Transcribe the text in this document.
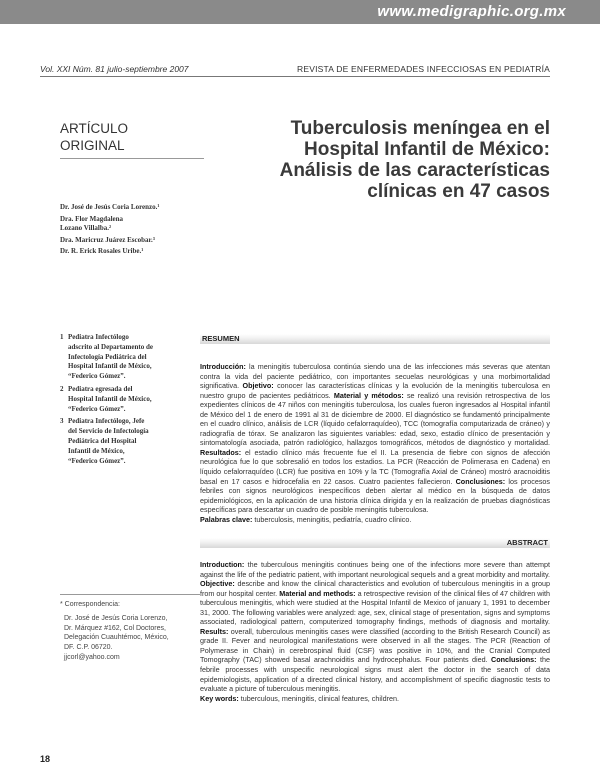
www.medigraphic.org.mx
Vol. XXI Núm. 81 julio-septiembre 2007	REVISTA DE ENFERMEDADES INFECCIOSAS EN PEDIATRÍA
ARTÍCULO
ORIGINAL
Dr. José de Jesús Coria Lorenzo.¹
Dra. Flor Magdalena
Lozano Villalba.²
Dra. Maricruz Juárez Escobar.³
Dr. R. Erick Rosales Uribe.¹
1 Pediatra Infectólogo
adscrito al Departamento de
Infectología Pediátrica del
Hospital Infantil de México,
“Federico Gómez”.
2 Pediatra egresada del
Hospital Infantil de México,
“Federico Gómez”.
3 Pediatra Infectólogo, Jefe
del Servicio de Infectología
Pediátrica del Hospital
Infantil de México,
“Federico Gómez”.
* Correspondencia:
Dr. José de Jesús Coria Lorenzo,
Dr. Márquez #162, Col Doctores,
Delegación Cuauhtémoc, México,
DF. C.P. 06720.
jjcorl@yahoo.com
Tuberculosis meníngea en el
Hospital Infantil de México:
Análisis de las características
clínicas en 47 casos
RESUMEN
Introducción: la meningitis tuberculosa continúa siendo una de las infecciones más severas que atentan contra la vida del paciente pediátrico, con importantes secuelas neurológicas y una morbimortalidad significativa. Objetivo: conocer las características clínicas y la evolución de la meningitis tuberculosa en nuestro grupo de pacientes pediátricos. Material y métodos: se realizó una revisión retrospectiva de los expedientes clínicos de 47 niños con meningitis tuberculosa, los cuales fueron ingresados al Hospital infantil de México del 1 de enero de 1991 al 31 de diciembre de 2000. El diagnóstico se fundamentó principalmente en el cuadro clínico, análisis de LCR (líquido cefalorraquídeo), TCC (tomografía computarizada de cráneo) y radiografía de tórax. Se analizaron las siguientes variables: edad, sexo, estadio clínico de presentación y sintomatología asociada, patrón radiológico, hallazgos tomográficos, métodos de diagnóstico y mortalidad. Resultados: el estadio clínico más frecuente fue el II. La presencia de fiebre con signos de afección neurológica fue lo que sobresalió en todos los estadios. La PCR (Reacción de Polimerasa en Cadena) en líquido cefalorraquídeo (LCR) fue positiva en 10% y la TC (Tomografía Axial de Cráneo) mostró aracnoiditis basal en 17 casos e hidrocefalia en 22 casos. Cuatro pacientes fallecieron. Conclusiones: los procesos febriles con signos neurológicos inespecíficos deben alertar al médico en la búsqueda de datos epidemiológicos, en la aplicación de una historia clínica dirigida y en la realización de pruebas diagnósticas específicas para descartar un cuadro de posible meningitis tuberculosa.
Palabras clave: tuberculosis, meningitis, pediatría, cuadro clínico.
ABSTRACT
Introduction: the tuberculous meningitis continues being one of the infections more severe than attempt against the life of the pediatric patient, with important neurological sequels and a great morbidity and mortality. Objective: describe and know the clinical characteristics and evolution of tuberculous meningitis in a group from our hospital center. Material and methods: a retrospective revision of the clinical files of 47 children with tuberculous meningitis, which were studied at the Hospital Infantil de Mexico of january 1, 1991 to december 31, 2000. The following variables were analyzed: age, sex, clinical stage of presentation, signs and symptoms associated, radiological pattern, computerized tomography findings, methods of diagnosis and mortality. Results: overall, tuberculous meningitis cases were classified (according to the British Research Council) as grade II. Fever and neurological manifestations were observed in all the stages. The PCR (Reaction of Polymerase in Chain) in cerebrospinal fluid (CSF) was positive in 10%, and the Cranial Computed Tomography (TAC) showed basal arachnoiditis and hydrocephalus. Four patients died. Conclusions: the febrile processes with unspecific neurological signs must alert the doctor in the search of data epidemiologists, application of a directed clinical history, and accomplishment of specific diagnostic tests to evaluate a picture of tuberculous meningitis.
Key words: tuberculous, meningitis, clinical features, children.
18
